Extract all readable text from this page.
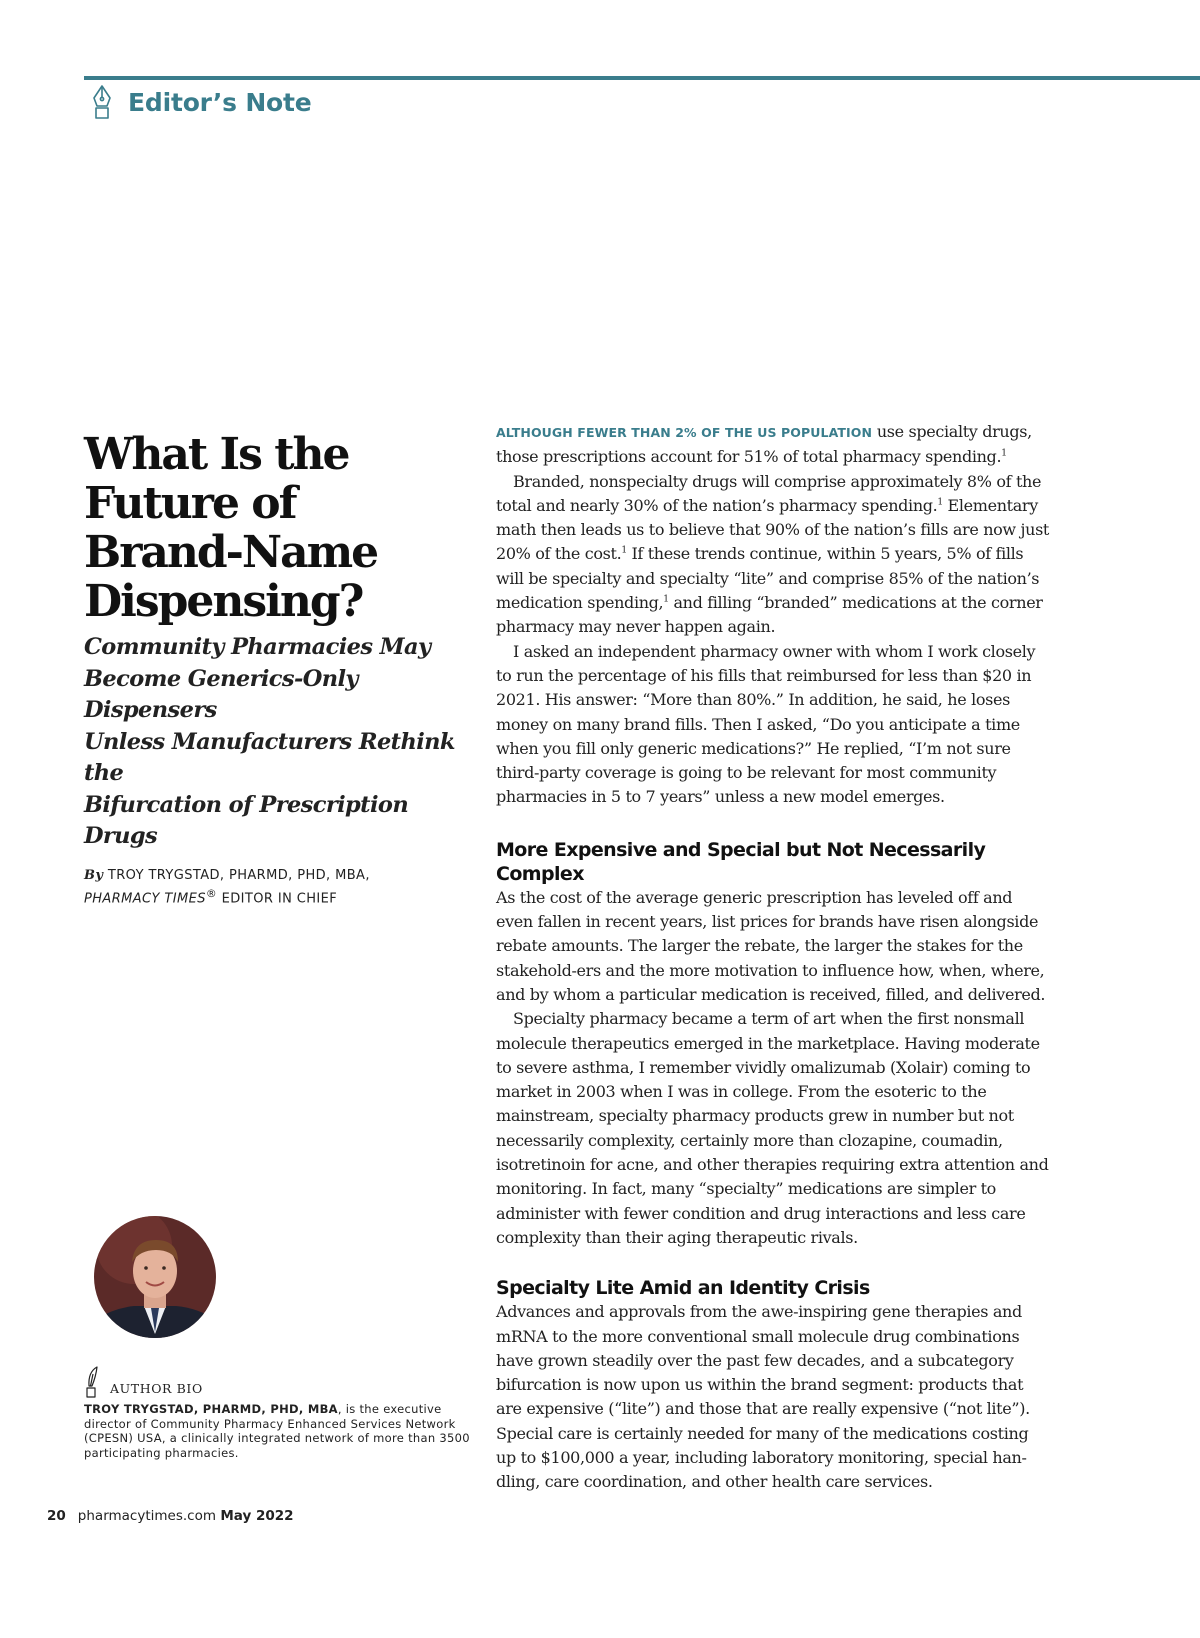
Editor’s Note
What Is the
Future of
Brand-Name
Dispensing?
Community Pharmacies May
Become Generics-Only Dispensers
Unless Manufacturers Rethink the
Bifurcation of Prescription Drugs
By TROY TRYGSTAD, PHARMD, PHD, MBA,
PHARMACY TIMES® EDITOR IN CHIEF
AUTHOR BIO
TROY TRYGSTAD, PHARMD, PHD, MBA, is the executive director of Community Pharmacy Enhanced Services Network (CPESN) USA, a clinically integrated network of more than 3500 participating pharmacies.

ALTHOUGH FEWER THAN 2% OF THE US POPULATION use specialty drugs, those prescriptions account for 51% of total pharmacy spending.$^1$

Branded, nonspecialty drugs will comprise approximately 8% of the total and nearly 30% of the nation’s pharmacy spending.$^1$ Elementary math then leads us to believe that 90% of the nation’s fills are now just 20% of the cost.$^1$ If these trends continue, within 5 years, 5% of fills will be specialty and specialty “lite” and comprise 85% of the nation’s medication spending,$^1$ and filling “branded” medications at the corner pharmacy may never happen again.

I asked an independent pharmacy owner with whom I work closely to run the percentage of his fills that reimbursed for less than $20 in 2021. His answer: “More than 80%.” In addition, he said, he loses money on many brand fills. Then I asked, “Do you anticipate a time when you fill only generic medications?” He replied, “I’m not sure third-party coverage is going to be relevant for most community pharmacies in 5 to 7 years” unless a new model emerges.

More Expensive and Special but Not Necessarily Complex

As the cost of the average generic prescription has leveled off and even fallen in recent years, list prices for brands have risen alongside rebate amounts. The larger the rebate, the larger the stakes for the stakehold-ers and the more motivation to influence how, when, where, and by whom a particular medication is received, filled, and delivered.

Specialty pharmacy became a term of art when the first nonsmall molecule therapeutics emerged in the marketplace. Having moderate to severe asthma, I remember vividly omalizumab (Xolair) coming to market in 2003 when I was in college. From the esoteric to the mainstream, specialty pharmacy products grew in number but not necessarily complexity, certainly more than clozapine, coumadin, isotretinoin for acne, and other therapies requiring extra attention and monitoring. In fact, many “specialty” medications are simpler to administer with fewer condition and drug interactions and less care complexity than their aging therapeutic rivals.

Specialty Lite Amid an Identity Crisis

Advances and approvals from the awe-inspiring gene therapies and mRNA to the more conventional small molecule drug combinations have grown steadily over the past few decades, and a subcategory bifurcation is now upon us within the brand segment: products that are expensive (“lite”) and those that are really expensive (“not lite”). Special care is certainly needed for many of the medications costing up to $100,000 a year, including laboratory monitoring, special han-dling, care coordination, and other health care services.

20 pharmacytimes.com May 2022
